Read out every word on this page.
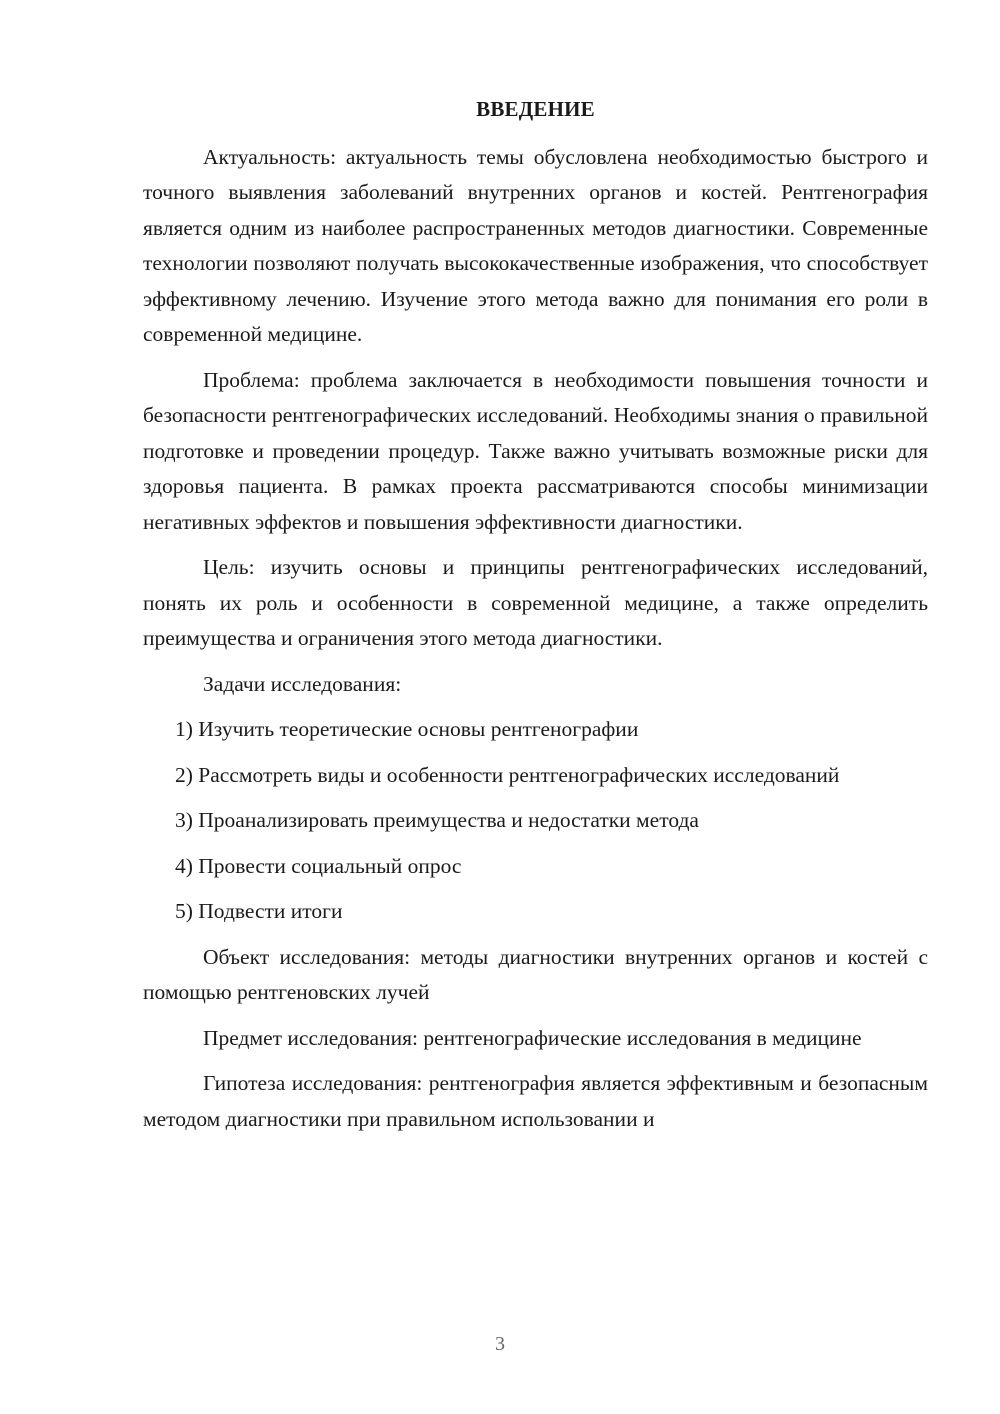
ВВЕДЕНИЕ

Актуальность: актуальность темы обусловлена необходимостью быстрого и точного выявления заболеваний внутренних органов и костей. Рентгенография является одним из наиболее распространенных методов диагностики. Современные технологии позволяют получать высококачественные изображения, что способствует эффективному лечению. Изучение этого метода важно для понимания его роли в современной медицине.

Проблема: проблема заключается в необходимости повышения точности и безопасности рентгенографических исследований. Необходимы знания о правильной подготовке и проведении процедур. Также важно учитывать возможные риски для здоровья пациента. В рамках проекта рассматриваются способы минимизации негативных эффектов и повышения эффективности диагностики.

Цель: изучить основы и принципы рентгенографических исследований, понять их роль и особенности в современной медицине, а также определить преимущества и ограничения этого метода диагностики.

Задачи исследования:

1) Изучить теоретические основы рентгенографии

2) Рассмотреть виды и особенности рентгенографических исследований

3) Проанализировать преимущества и недостатки метода

4) Провести социальный опрос

5) Подвести итоги

Объект исследования: методы диагностики внутренних органов и костей с помощью рентгеновских лучей

Предмет исследования: рентгенографические исследования в медицине

Гипотеза исследования: рентгенография является эффективным и безопасным методом диагностики при правильном использовании и

3
